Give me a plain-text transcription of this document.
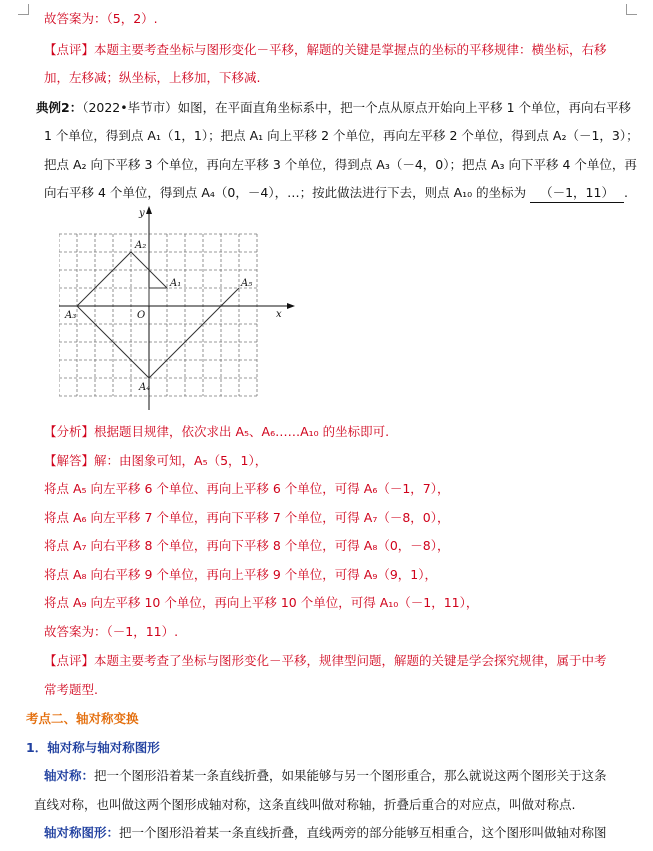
故答案为：（5，2）.
【点评】本题主要考查坐标与图形变化－平移，解题的关键是掌握点的坐标的平移规律：横坐标，右移
加，左移减；纵坐标，上移加，下移减.
典例2：（2022•毕节市）如图，在平面直角坐标系中，把一个点从原点开始向上平移 1 个单位，再向右平移
1 个单位，得到点 A₁（1，1）；把点 A₁ 向上平移 2 个单位，再向左平移 2 个单位，得到点 A₂（－1，3）；
把点 A₂ 向下平移 3 个单位，再向左平移 3 个单位，得到点 A₃（－4，0）；把点 A₃ 向下平移 4 个单位，再
向右平移 4 个单位，得到点 A₄（0，－4），…；按此做法进行下去，则点 A₁₀ 的坐标为 （－1，11） .
x
y
O
A₁
A₂
A₃
A₄
A₅
【分析】根据题目规律，依次求出 A₅、A₆……A₁₀ 的坐标即可.
【解答】解：由图象可知，A₅（5，1），
将点 A₅ 向左平移 6 个单位、再向上平移 6 个单位，可得 A₆（－1，7），
将点 A₆ 向左平移 7 个单位，再向下平移 7 个单位，可得 A₇（－8，0），
将点 A₇ 向右平移 8 个单位，再向下平移 8 个单位，可得 A₈（0，－8），
将点 A₈ 向右平移 9 个单位，再向上平移 9 个单位，可得 A₉（9，1），
将点 A₉ 向左平移 10 个单位，再向上平移 10 个单位，可得 A₁₀（－1，11），
故答案为：（－1，11）.
【点评】本题主要考查了坐标与图形变化－平移，规律型问题，解题的关键是学会探究规律，属于中考
常考题型.
考点二、轴对称变换
1．轴对称与轴对称图形
轴对称：把一个图形沿着某一条直线折叠，如果能够与另一个图形重合，那么就说这两个图形关于这条
直线对称，也叫做这两个图形成轴对称，这条直线叫做对称轴，折叠后重合的对应点，叫做对称点.
轴对称图形：把一个图形沿着某一条直线折叠，直线两旁的部分能够互相重合，这个图形叫做轴对称图
